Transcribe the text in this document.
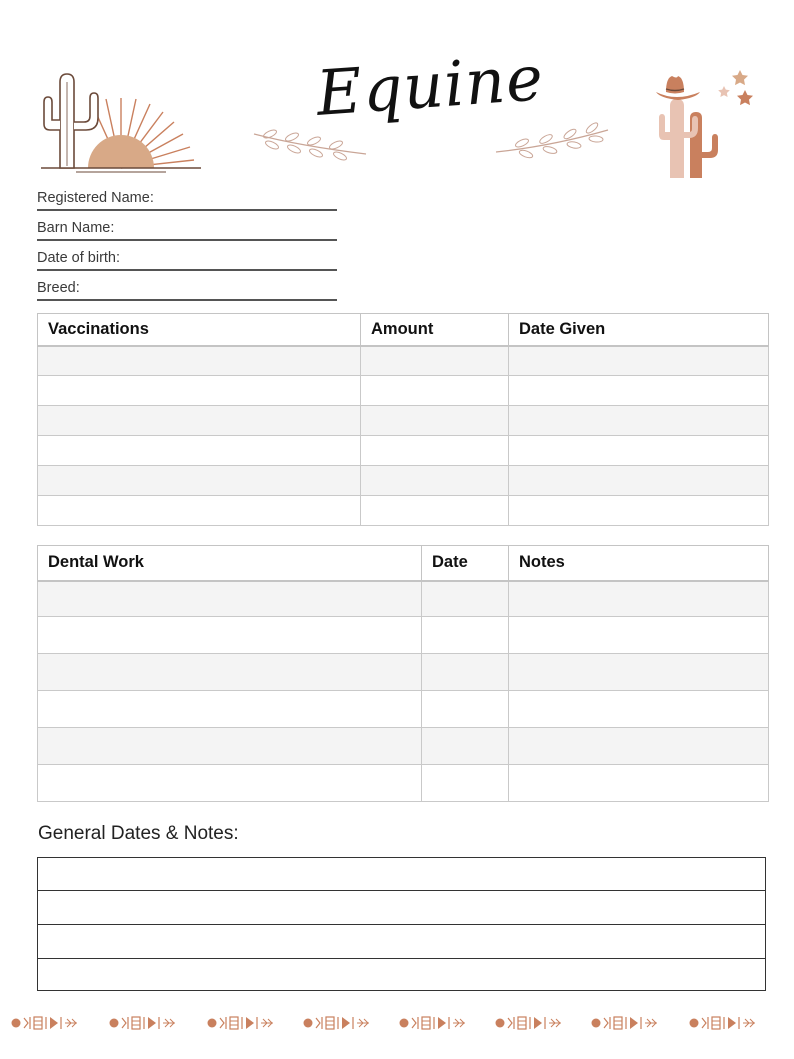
Equine
Registered Name:
Barn Name:
Date of birth:
Breed:
Vaccinations	Amount	Date Given

Dental Work	Date	Notes

General Dates & Notes:
